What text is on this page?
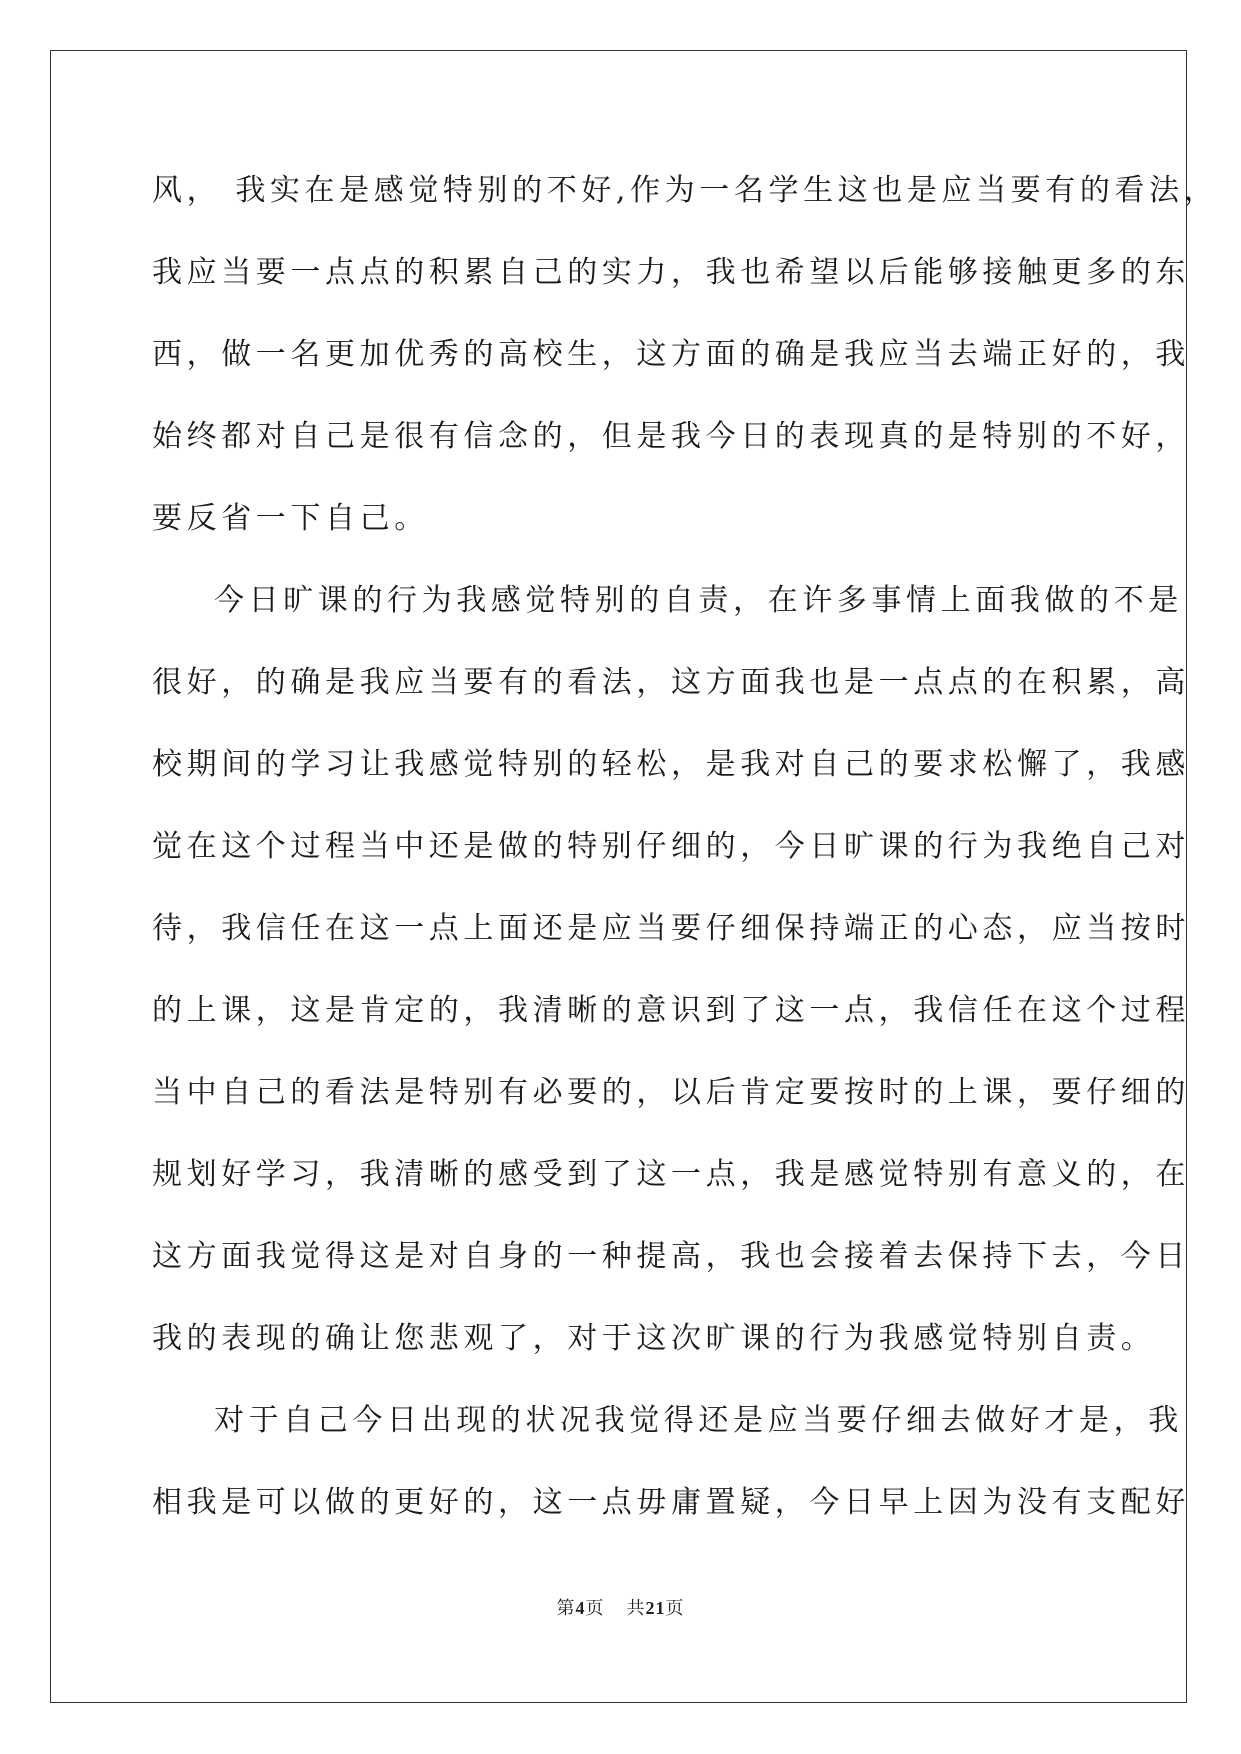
风， 我实在是感觉特别的不好,作为一名学生这也是应当要有的看法，
我应当要一点点的积累自己的实力，我也希望以后能够接触更多的东
西，做一名更加优秀的高校生，这方面的确是我应当去端正好的，我
始终都对自己是很有信念的，但是我今日的表现真的是特别的不好，
要反省一下自己。
今日旷课的行为我感觉特别的自责，在许多事情上面我做的不是
很好，的确是我应当要有的看法，这方面我也是一点点的在积累，高
校期间的学习让我感觉特别的轻松，是我对自己的要求松懈了，我感
觉在这个过程当中还是做的特别仔细的，今日旷课的行为我绝自己对
待，我信任在这一点上面还是应当要仔细保持端正的心态，应当按时
的上课，这是肯定的，我清晰的意识到了这一点，我信任在这个过程
当中自己的看法是特别有必要的，以后肯定要按时的上课，要仔细的
规划好学习，我清晰的感受到了这一点，我是感觉特别有意义的，在
这方面我觉得这是对自身的一种提高，我也会接着去保持下去，今日
我的表现的确让您悲观了，对于这次旷课的行为我感觉特别自责。
对于自己今日出现的状况我觉得还是应当要仔细去做好才是，我
相我是可以做的更好的，这一点毋庸置疑，今日早上因为没有支配好
第4页 共21页
